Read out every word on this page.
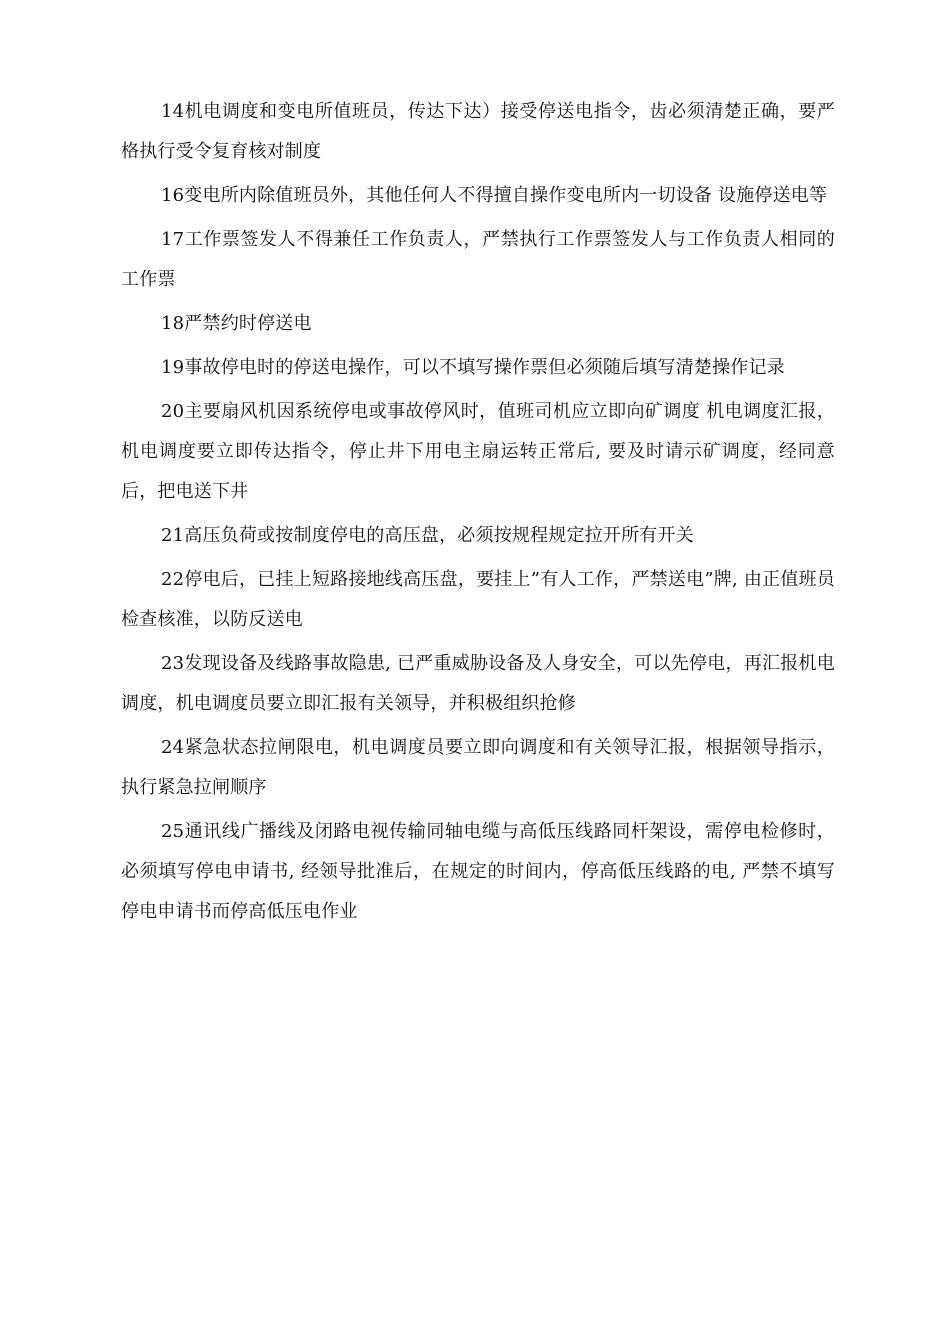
14机电调度和变电所值班员，传达下达）接受停送电指令，齿必须清楚正确，要严格执行受令复育核对制度

16变电所内除值班员外，其他任何人不得擅自操作变电所内一切设备 设施停送电等

17工作票签发人不得兼任工作负责人，严禁执行工作票签发人与工作负责人相同的工作票

18严禁约时停送电

19事故停电时的停送电操作，可以不填写操作票但必须随后填写清楚操作记录

20主要扇风机因系统停电或事故停风时，值班司机应立即向矿调度 机电调度汇报，机电调度要立即传达指令，停止井下用电主扇运转正常后, 要及时请示矿调度，经同意后，把电送下井

21高压负荷或按制度停电的高压盘，必须按规程规定拉开所有开关

22停电后，已挂上短路接地线高压盘，要挂上”有人工作，严禁送电”牌, 由正值班员检查核准，以防反送电

23发现设备及线路事故隐患, 已严重威胁设备及人身安全，可以先停电，再汇报机电调度，机电调度员要立即汇报有关领导，并积极组织抢修

24紧急状态拉闸限电，机电调度员要立即向调度和有关领导汇报，根据领导指示，执行紧急拉闸顺序

25通讯线广播线及闭路电视传输同轴电缆与高低压线路同杆架设，需停电检修时，必须填写停电申请书, 经领导批准后，在规定的时间内，停高低压线路的电, 严禁不填写停电申请书而停高低压电作业
